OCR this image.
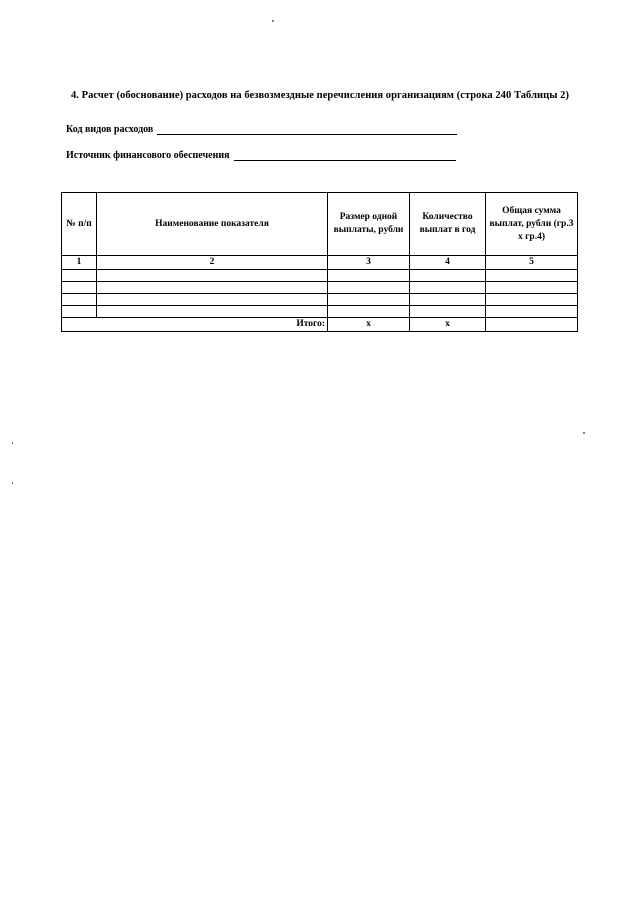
4. Расчет (обоснование) расходов на безвозмездные перечисления организациям (строка 240 Таблицы 2)
Код видов расходов
Источник финансового обеспечения
№ п/п	Наименование показателя	Размер одной выплаты, рубли	Количество выплат в год	Общая сумма выплат, рубли (гр.3 x гр.4)
1	2	3	4	5

Итого:		x	x	
